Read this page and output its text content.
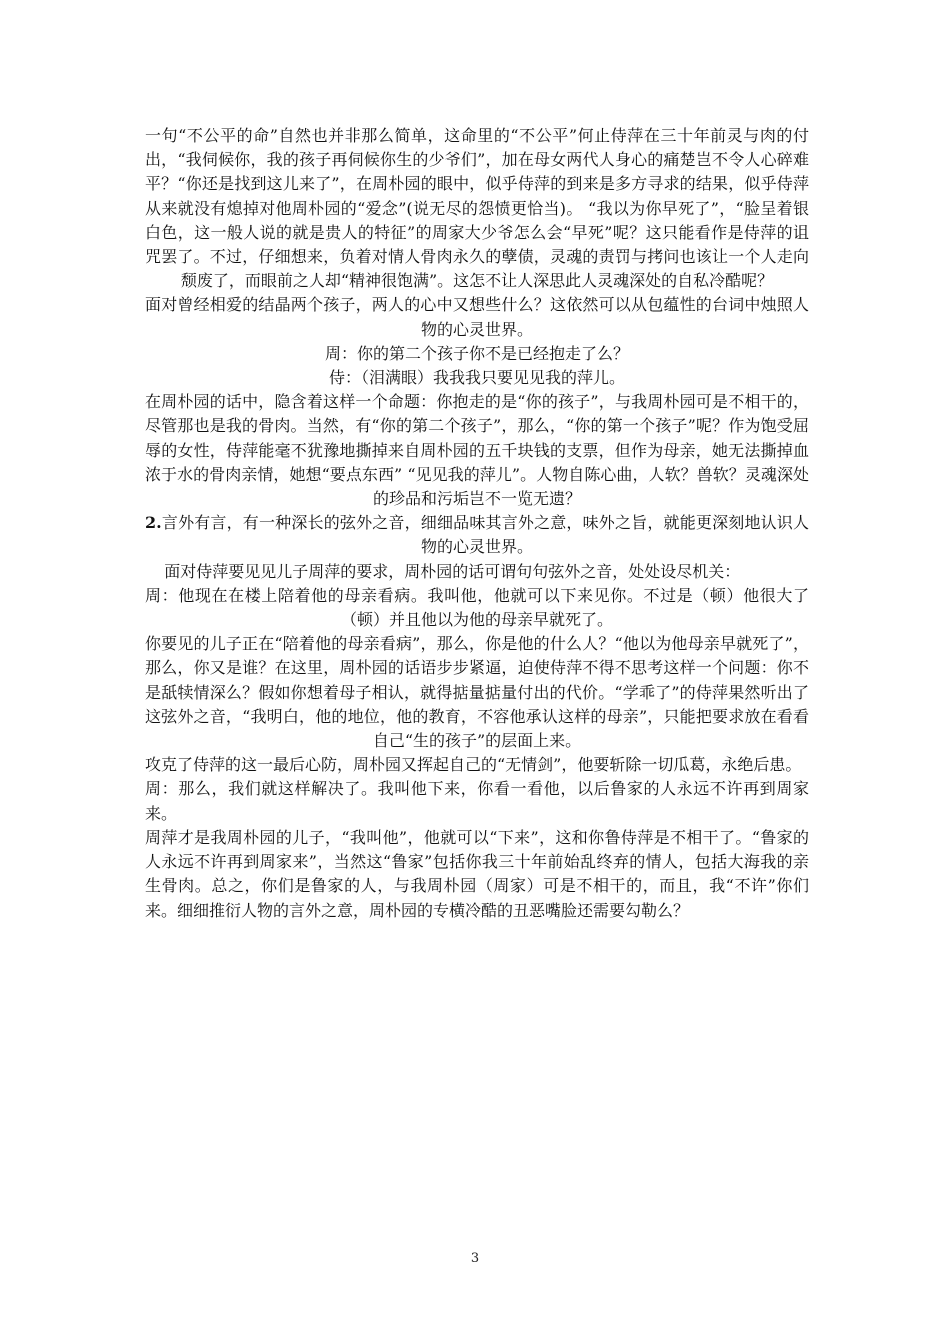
一句“不公平的命”自然也并非那么简单，这命里的“不公平”何止侍萍在三十年前灵与肉的付出，“我伺候你，我的孩子再伺候你生的少爷们”，加在母女两代人身心的痛楚岂不令人心碎难平？“你还是找到这儿来了”，在周朴园的眼中，似乎侍萍的到来是多方寻求的结果，似乎侍萍从来就没有熄掉对他周朴园的“爱念”(说无尽的怨愤更恰当)。 “我以为你早死了”，“脸呈着银白色，这一般人说的就是贵人的特征”的周家大少爷怎么会“早死”呢？这只能看作是侍萍的诅咒罢了。不过，仔细想来，负着对情人骨肉永久的孽债，灵魂的责罚与拷问也该让一个人走向颓废了，而眼前之人却“精神很饱满”。这怎不让人深思此人灵魂深处的自私冷酷呢？

面对曾经相爱的结晶两个孩子，两人的心中又想些什么？这依然可以从包蕴性的台词中烛照人物的心灵世界。

周：你的第二个孩子你不是已经抱走了么？

侍：（泪满眼）我我我只要见见我的萍儿。

在周朴园的话中，隐含着这样一个命题：你抱走的是“你的孩子”，与我周朴园可是不相干的，尽管那也是我的骨肉。当然，有“你的第二个孩子”，那么，“你的第一个孩子”呢？作为饱受屈辱的女性，侍萍能毫不犹豫地撕掉来自周朴园的五千块钱的支票，但作为母亲，她无法撕掉血浓于水的骨肉亲情，她想“要点东西” “见见我的萍儿”。人物自陈心曲，人软？兽软？灵魂深处的珍品和污垢岂不一览无遗？

2.言外有言，有一种深长的弦外之音，细细品味其言外之意，味外之旨，就能更深刻地认识人物的心灵世界。

面对侍萍要见见儿子周萍的要求，周朴园的话可谓句句弦外之音，处处设尽机关：

周：他现在在楼上陪着他的母亲看病。我叫他，他就可以下来见你。不过是（顿）他很大了（顿）并且他以为他的母亲早就死了。

你要见的儿子正在“陪着他的母亲看病”，那么，你是他的什么人？“他以为他母亲早就死了”，那么，你又是谁？在这里，周朴园的话语步步紧逼，迫使侍萍不得不思考这样一个问题：你不是舐犊情深么？假如你想着母子相认，就得掂量掂量付出的代价。“学乖了”的侍萍果然听出了这弦外之音，“我明白，他的地位，他的教育，不容他承认这样的母亲”，只能把要求放在看看自己“生的孩子”的层面上来。

攻克了侍萍的这一最后心防，周朴园又挥起自己的“无情剑”，他要斩除一切瓜葛，永绝后患。

周：那么，我们就这样解决了。我叫他下来，你看一看他，以后鲁家的人永远不许再到周家来。

周萍才是我周朴园的儿子，“我叫他”，他就可以“下来”，这和你鲁侍萍是不相干了。“鲁家的人永远不许再到周家来”，当然这“鲁家”包括你我三十年前始乱终弃的情人，包括大海我的亲生骨肉。总之，你们是鲁家的人，与我周朴园（周家）可是不相干的，而且，我“不许”你们来。细细推衍人物的言外之意，周朴园的专横冷酷的丑恶嘴脸还需要勾勒么？

3
